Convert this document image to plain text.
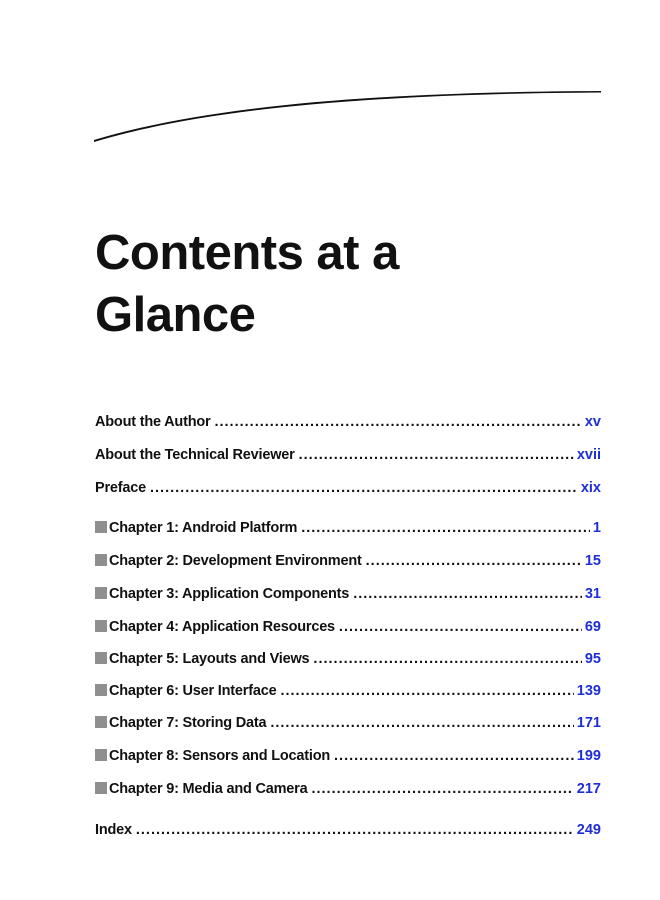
Contents at a
Glance
About the Author .....	xv
About the Technical Reviewer .....	xvii
Preface .....	xix
Chapter 1: Android Platform .....	1
Chapter 2: Development Environment .....	15
Chapter 3: Application Components .....	31
Chapter 4: Application Resources .....	69
Chapter 5: Layouts and Views .....	95
Chapter 6: User Interface .....	139
Chapter 7: Storing Data .....	171
Chapter 8: Sensors and Location .....	199
Chapter 9: Media and Camera .....	217
Index .....	249
